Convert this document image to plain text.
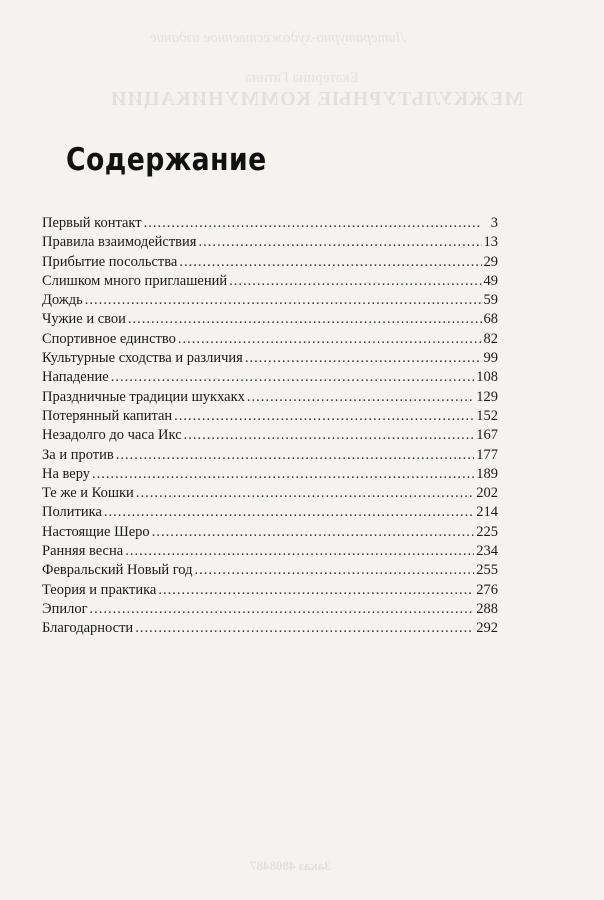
Литературно-художественное издание
Екатерина Гатина
МЕЖКУЛЬТУРНЫЕ КОММУНИКАЦИИ
Заказ 4808487
Содержание
Первый контакт .....	3
Правила взаимодействия .....	13
Прибытие посольства .....	29
Слишком много приглашений .....	49
Дождь .....	59
Чужие и свои .....	68
Спортивное единство .....	82
Культурные сходства и различия .....	99
Нападение .....	108
Праздничные традиции шукхакх .....	129
Потерянный капитан .....	152
Незадолго до часа Икс .....	167
За и против .....	177
На веру .....	189
Те же и Кошки .....	202
Политика .....	214
Настоящие Шеро .....	225
Ранняя весна .....	234
Февральский Новый год .....	255
Теория и практика .....	276
Эпилог .....	288
Благодарности .....	292
